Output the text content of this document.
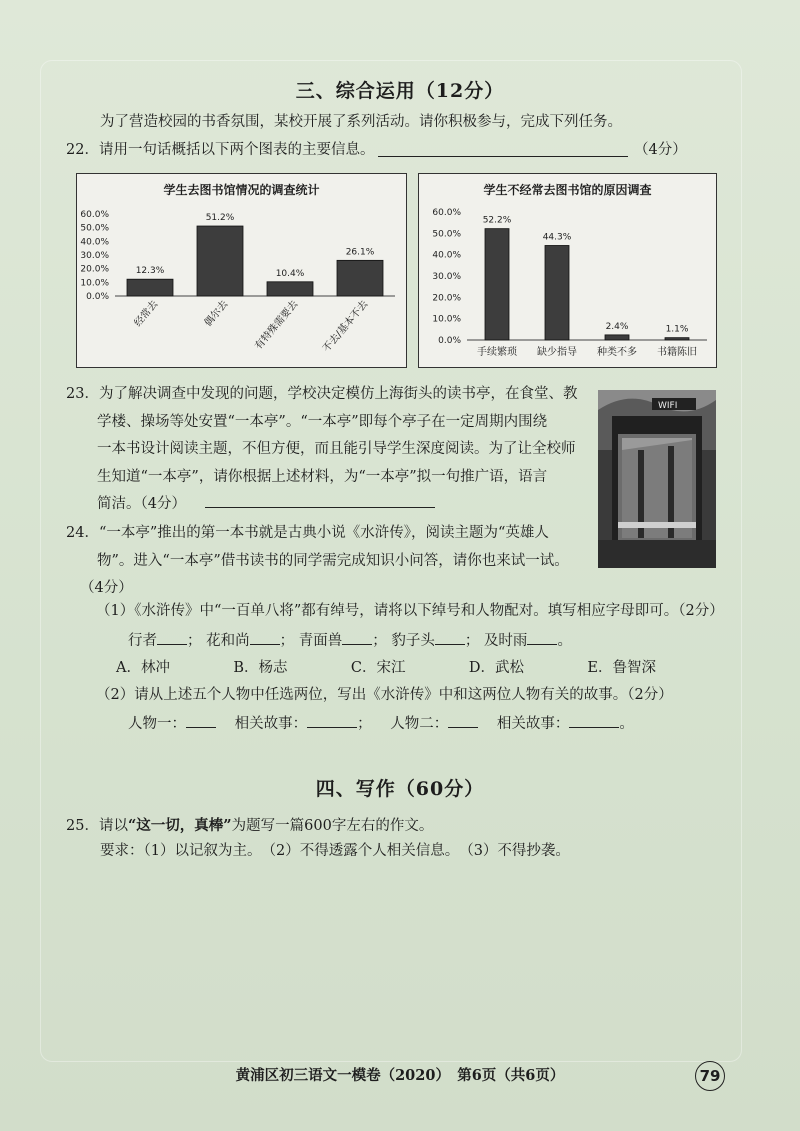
三、综合运用（12分）
为了营造校园的书香氛围，某校开展了系列活动。请你积极参与，完成下列任务。
22．请用一句话概括以下两个图表的主要信息。	（4分）
学生去图书馆情况的调查统计
0.0%
10.0%
20.0%
30.0%
40.0%
50.0%
60.0%
12.3%
经常去
51.2%
偶尔去
10.4%
有特殊需要去
26.1%
不去/基本不去
学生不经常去图书馆的原因调查
0.0%
10.0%
20.0%
30.0%
40.0%
50.0%
60.0%
52.2%
手续繁琐
44.3%
缺少指导
2.4%
种类不多
1.1%
书籍陈旧
23．为了解决调查中发现的问题，学校决定模仿上海街头的读书亭，在食堂、教
学楼、操场等处安置“一本亭”。“一本亭”即每个亭子在一定周期内围绕
一本书设计阅读主题，不但方便，而且能引导学生深度阅读。为了让全校师
生知道“一本亭”，请你根据上述材料，为“一本亭”拟一句推广语，语言
简洁。（4分）
WIFI
24．“一本亭”推出的第一本书就是古典小说《水浒传》，阅读主题为“英雄人
物”。进入“一本亭”借书读书的同学需完成知识小问答，请你也来试一试。
（4分）
（1）《水浒传》中“一百单八将”都有绰号，请将以下绰号和人物配对。填写相应字母即可。（2分）
行者 ； 花和尚 ； 青面兽 ； 豹子头 ； 及时雨 。
A．林冲	B．杨志	C．宋江	D．武松	E．鲁智深
（2）请从上述五个人物中任选两位，写出《水浒传》中和这两位人物有关的故事。（2分）
人物一：	相关故事：	； 人物二：	相关故事：	。
四、写作（60分）
25．请以“这一切，真棒”为题写一篇600字左右的作文。
要求：（1）以记叙为主。　（2）不得透露个人相关信息。　（3）不得抄袭。
黄浦区初三语文一模卷（2020）　第6页（共6页）	79
